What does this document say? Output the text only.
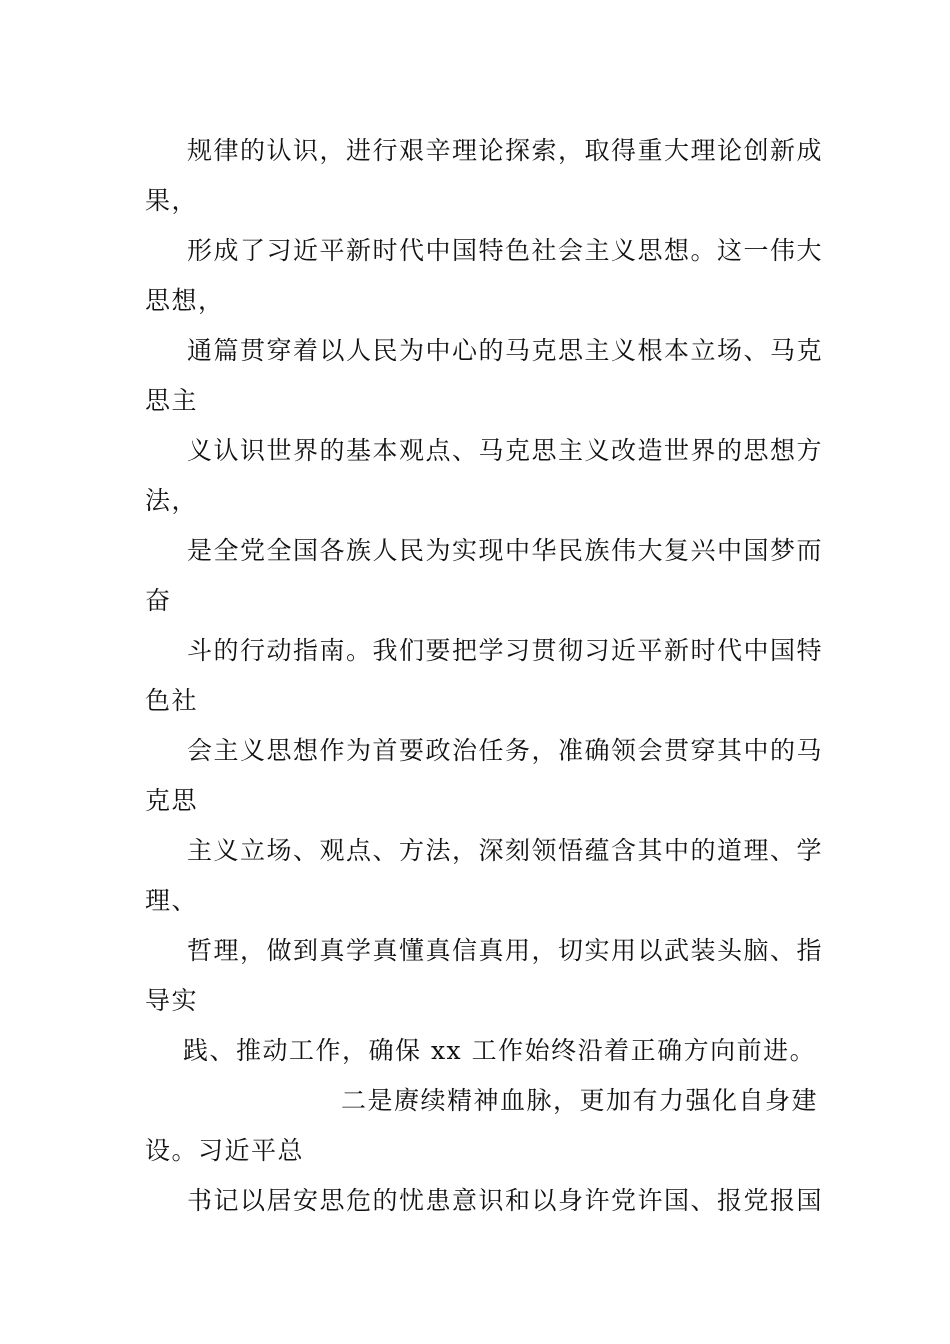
规律的认识，进行艰辛理论探索，取得重大理论创新成
果，
形成了习近平新时代中国特色社会主义思想。这一伟大
思想，
通篇贯穿着以人民为中心的马克思主义根本立场、马克
思主
义认识世界的基本观点、马克思主义改造世界的思想方
法，
是全党全国各族人民为实现中华民族伟大复兴中国梦而
奋
斗的行动指南。我们要把学习贯彻习近平新时代中国特
色社
会主义思想作为首要政治任务，准确领会贯穿其中的马
克思
主义立场、观点、方法，深刻领悟蕴含其中的道理、学
理、
哲理，做到真学真懂真信真用，切实用以武装头脑、指
导实
践、推动工作，确保 xx 工作始终沿着正确方向前进。
二是赓续精神血脉，更加有力强化自身建
设。习近平总
书记以居安思危的忧患意识和以身许党许国、报党报国
